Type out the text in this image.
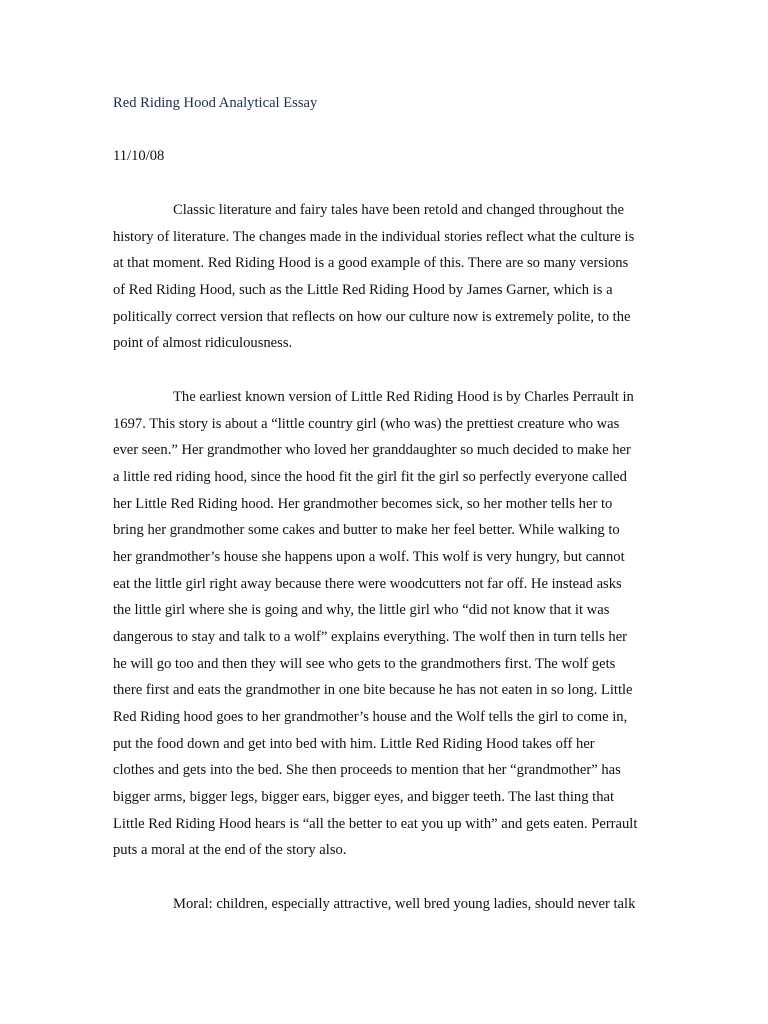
Red Riding Hood Analytical Essay
11/10/08
Classic literature and fairy tales have been retold and changed throughout the
history of literature. The changes made in the individual stories reflect what the culture is
at that moment. Red Riding Hood is a good example of this. There are so many versions
of Red Riding Hood, such as the Little Red Riding Hood by James Garner, which is a
politically correct version that reflects on how our culture now is extremely polite, to the
point of almost ridiculousness.
The earliest known version of Little Red Riding Hood is by Charles Perrault in
1697. This story is about a “little country girl (who was) the prettiest creature who was
ever seen.” Her grandmother who loved her granddaughter so much decided to make her
a little red riding hood, since the hood fit the girl fit the girl so perfectly everyone called
her Little Red Riding hood. Her grandmother becomes sick, so her mother tells her to
bring her grandmother some cakes and butter to make her feel better. While walking to
her grandmother’s house she happens upon a wolf. This wolf is very hungry, but cannot
eat the little girl right away because there were woodcutters not far off. He instead asks
the little girl where she is going and why, the little girl who “did not know that it was
dangerous to stay and talk to a wolf” explains everything. The wolf then in turn tells her
he will go too and then they will see who gets to the grandmothers first. The wolf gets
there first and eats the grandmother in one bite because he has not eaten in so long. Little
Red Riding hood goes to her grandmother’s house and the Wolf tells the girl to come in,
put the food down and get into bed with him. Little Red Riding Hood takes off her
clothes and gets into the bed. She then proceeds to mention that her “grandmother” has
bigger arms, bigger legs, bigger ears, bigger eyes, and bigger teeth. The last thing that
Little Red Riding Hood hears is “all the better to eat you up with” and gets eaten. Perrault
puts a moral at the end of the story also.
Moral: children, especially attractive, well bred young ladies, should never talk
